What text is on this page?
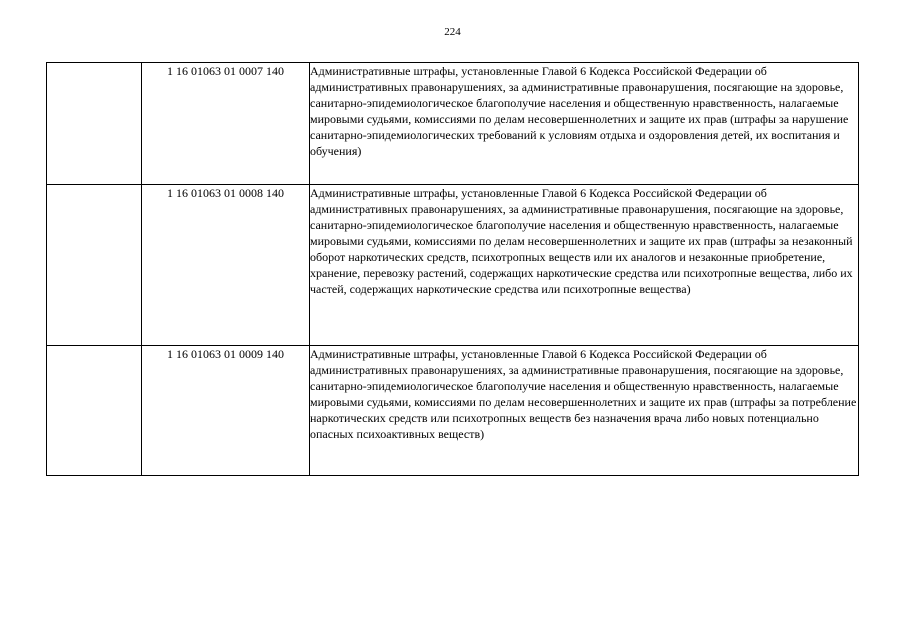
224
	1 16 01063 01 0007 140	Административные штрафы, установленные Главой 6 Кодекса Российской Федерации об административных правонарушениях, за административные правонарушения, посягающие на здоровье, санитарно-эпидемиологическое благополучие населения и общественную нравственность, налагаемые мировыми судьями, комиссиями по делам несовершеннолетних и защите их прав (штрафы за нарушение санитарно-эпидемиологических требований к условиям отдыха и оздоровления детей, их воспитания и обучения)
	1 16 01063 01 0008 140	Административные штрафы, установленные Главой 6 Кодекса Российской Федерации об административных правонарушениях, за административные правонарушения, посягающие на здоровье, санитарно-эпидемиологическое благополучие населения и общественную нравственность, налагаемые мировыми судьями, комиссиями по делам несовершеннолетних и защите их прав (штрафы за незаконный оборот наркотических средств, психотропных веществ или их аналогов и незаконные приобретение, хранение, перевозку растений, содержащих наркотические средства или психотропные вещества, либо их частей, содержащих наркотические средства или психотропные вещества)
	1 16 01063 01 0009 140	Административные штрафы, установленные Главой 6 Кодекса Российской Федерации об административных правонарушениях, за административные правонарушения, посягающие на здоровье, санитарно-эпидемиологическое благополучие населения и общественную нравственность, налагаемые мировыми судьями, комиссиями по делам несовершеннолетних и защите их прав (штрафы за потребление наркотических средств или психотропных веществ без назначения врача либо новых потенциально опасных психоактивных веществ)
